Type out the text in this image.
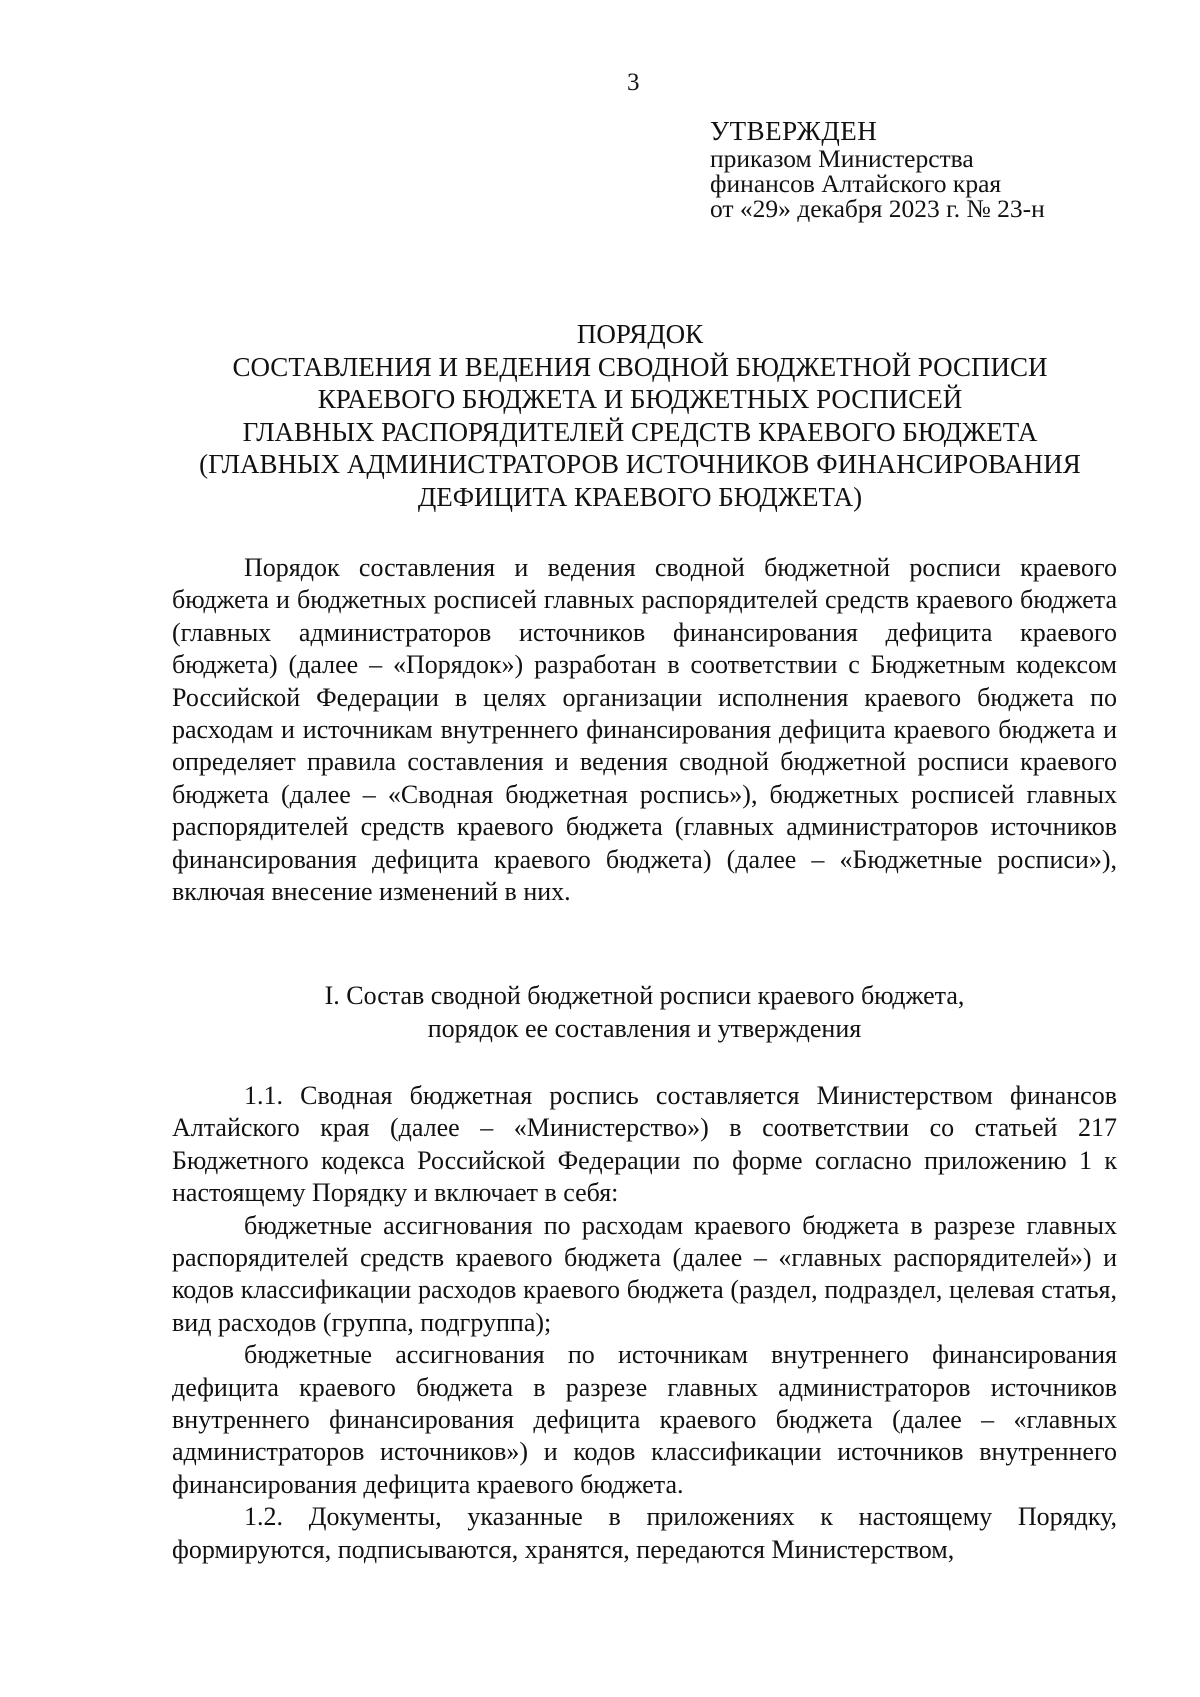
3
УТВЕРЖДЕН
приказом Министерства
финансов Алтайского края
от «29» декабря 2023 г. № 23-н
ПОРЯДОК
СОСТАВЛЕНИЯ И ВЕДЕНИЯ СВОДНОЙ БЮДЖЕТНОЙ РОСПИСИ
КРАЕВОГО БЮДЖЕТА И БЮДЖЕТНЫХ РОСПИСЕЙ
ГЛАВНЫХ РАСПОРЯДИТЕЛЕЙ СРЕДСТВ КРАЕВОГО БЮДЖЕТА
(ГЛАВНЫХ АДМИНИСТРАТОРОВ ИСТОЧНИКОВ ФИНАНСИРОВАНИЯ
ДЕФИЦИТА КРАЕВОГО БЮДЖЕТА)

Порядок составления и ведения сводной бюджетной росписи краевого бюджета и бюджетных росписей главных распорядителей средств краевого бюджета (главных администраторов источников финансирования дефицита краевого бюджета) (далее – «Порядок») разработан в соответствии с Бюджетным кодексом Российской Федерации в целях организации исполнения краевого бюджета по расходам и источникам внутреннего финансирования дефицита краевого бюджета и определяет правила составления и ведения сводной бюджетной росписи краевого бюджета (далее – «Сводная бюджетная роспись»), бюджетных росписей главных распорядителей средств краевого бюджета (главных администраторов источников финансирования дефицита краевого бюджета) (далее – «Бюджетные росписи»), включая внесение изменений в них.

I. Состав сводной бюджетной росписи краевого бюджета,
порядок ее составления и утверждения

1.1. Сводная бюджетная роспись составляется Министерством финансов Алтайского края (далее – «Министерство») в соответствии со статьей 217 Бюджетного кодекса Российской Федерации по форме согласно приложению 1 к настоящему Порядку и включает в себя:

бюджетные ассигнования по расходам краевого бюджета в разрезе главных распорядителей средств краевого бюджета (далее – «главных распорядителей») и кодов классификации расходов краевого бюджета (раздел, подраздел, целевая статья, вид расходов (группа, подгруппа);

бюджетные ассигнования по источникам внутреннего финансирования дефицита краевого бюджета в разрезе главных администраторов источников внутреннего финансирования дефицита краевого бюджета (далее – «главных администраторов источников») и кодов классификации источников внутреннего финансирования дефицита краевого бюджета.

1.2. Документы, указанные в приложениях к настоящему Порядку, формируются, подписываются, хранятся, передаются Министерством,
